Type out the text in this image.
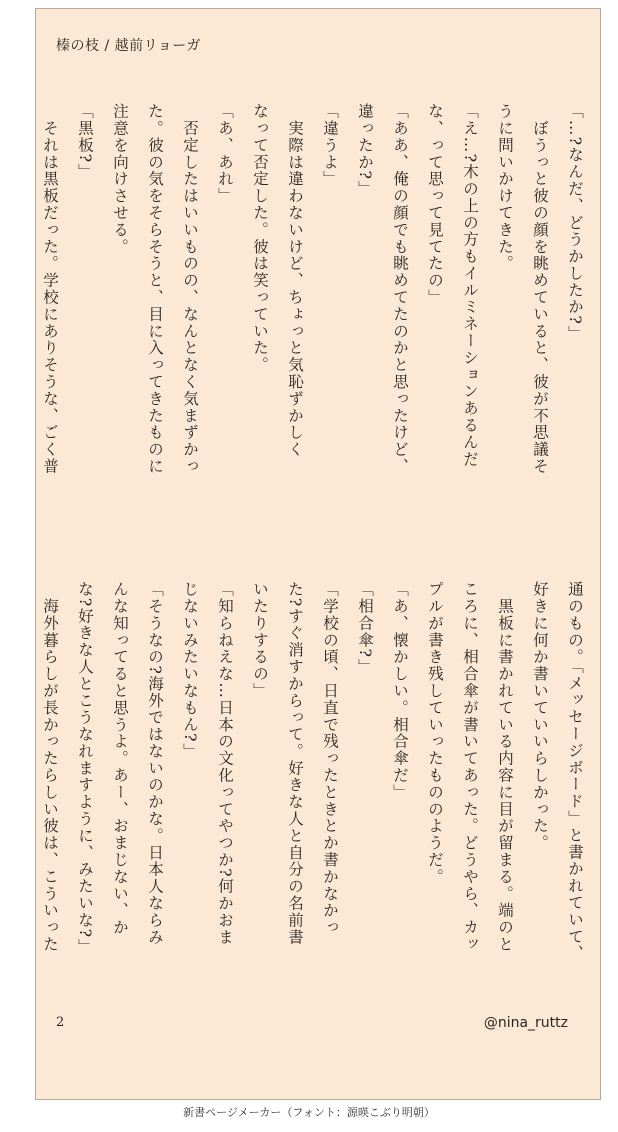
榛の枝 / 越前リョーガ
「…?なんだ、どうかしたか?」
　ぼうっと彼の顔を眺めていると、彼が不思議そ
うに問いかけてきた。
「え…?木の上の方もイルミネーションあるんだ
な、って思って見てたの」
「ああ、俺の顔でも眺めてたのかと思ったけど、
違ったか?」
「違うよ」
　実際は違わないけど、ちょっと気恥ずかしく
なって否定した。彼は笑っていた。
「あ、あれ」
　否定したはいいものの、なんとなく気まずかっ
た。彼の気をそらそうと、目に入ってきたものに
注意を向けさせる。
「黒板?」
　それは黒板だった。学校にありそうな、ごく普
通のもの。「メッセージボード」と書かれていて、
好きに何か書いていいらしかった。
　黒板に書かれている内容に目が留まる。端のと
ころに、相合傘が書いてあった。どうやら、カッ
プルが書き残していったもののようだ。
「あ、懐かしい。相合傘だ」
「相合傘?」
「学校の頃、日直で残ったときとか書かなかっ
た?すぐ消すからって。好きな人と自分の名前書
いたりするの」
「知らねえな…日本の文化ってやつか?何かおま
じないみたいなもん?」
「そうなの?海外ではないのかな。日本人ならみ
んな知ってると思うよ。あー、おまじない、か
な?好きな人とこうなれますように、みたいな?」
　海外暮らしが長かったらしい彼は、こういった
2	@nina_ruttz
新書ページメーカー（フォント：源暎こぶり明朝）
